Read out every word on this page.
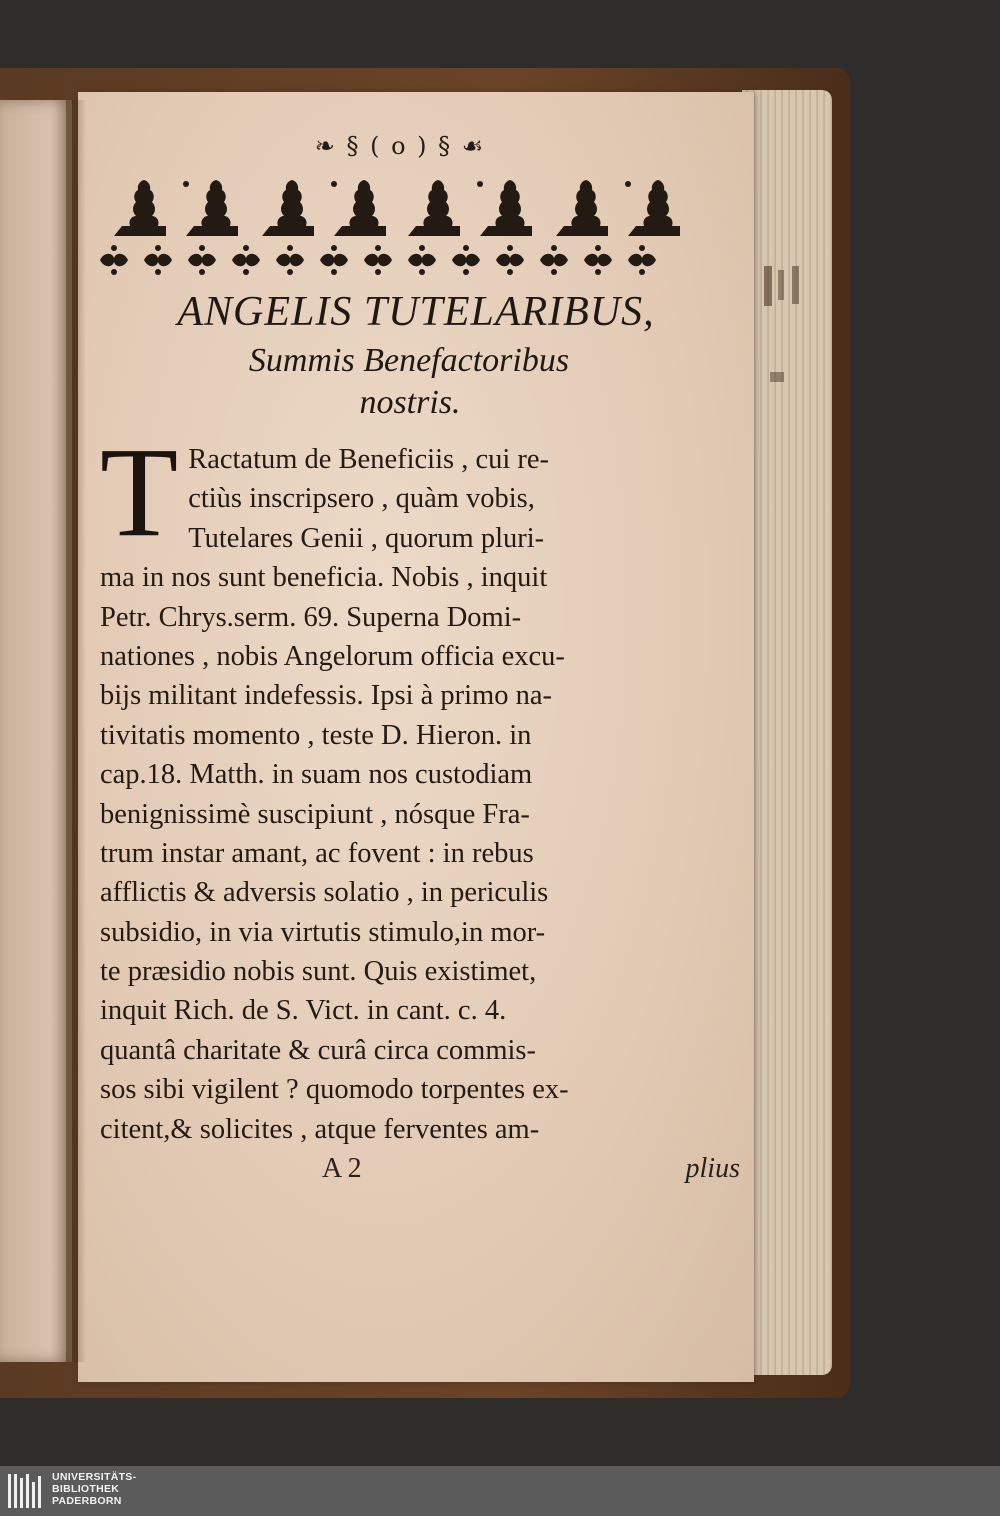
❧ § ( o ) § ☙
ANGELIS TUTELARIBUS,
Summis Benefactoribus
nostris.
T Ractatum de Beneficiis , cui re-
ctiùs inscripsero , quàm vobis,
Tutelares Genii , quorum pluri-
ma in nos sunt beneficia. Nobis , inquit
Petr. Chrys.serm. 69. Superna Domi-
nationes , nobis Angelorum officia excu-
bijs militant indefessis. Ipsi à primo na-
tivitatis momento , teste D. Hieron. in
cap.18. Matth. in suam nos custodiam
benignissimè suscipiunt , nósque Fra-
trum instar amant, ac fovent : in rebus
afflictis & adversis solatio , in periculis
subsidio, in via virtutis stimulo,in mor-
te præsidio nobis sunt. Quis existimet,
inquit Rich. de S. Vict. in cant. c. 4.
quantâ charitate & curâ circa commis-
sos sibi vigilent ? quomodo torpentes ex-
citent,& solicites , atque ferventes am-
A 2	plius
UNIVERSITÄTS-
BIBLIOTHEK
PADERBORN
